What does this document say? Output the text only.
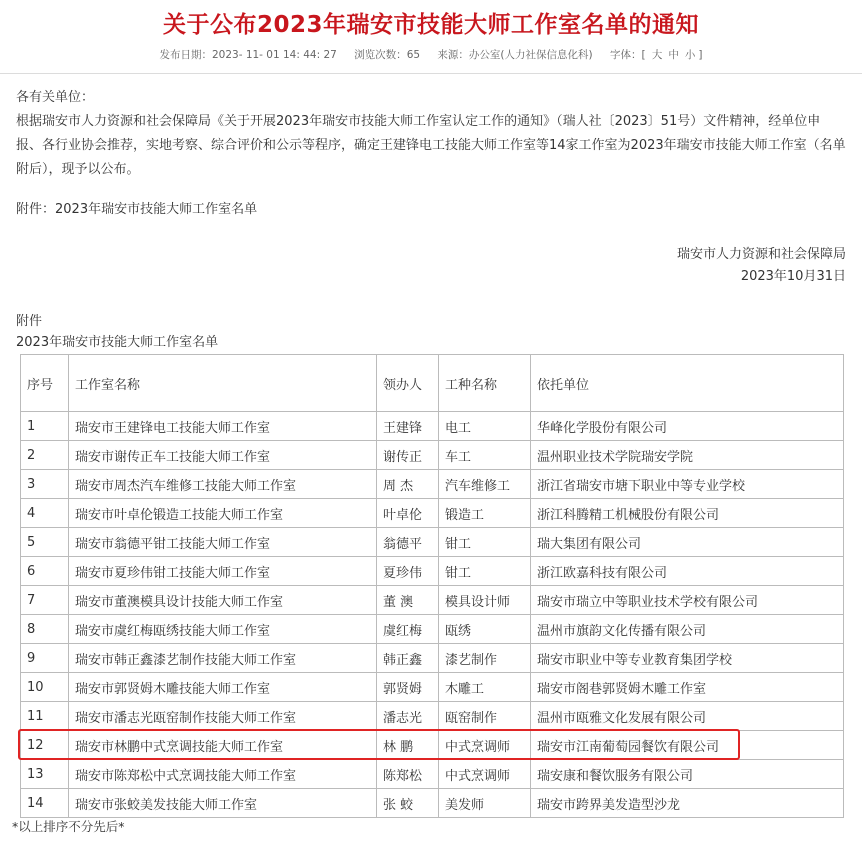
关于公布2023年瑞安市技能大师工作室名单的通知
发布日期：2023- 11- 01 14: 44: 27 浏览次数：65 来源：办公室(人力社保信息化科) 字体：[ 大 中 小 ]
各有关单位：
根据瑞安市人力资源和社会保障局《关于开展2023年瑞安市技能大师工作室认定工作的通知》（瑞人社〔2023〕51号）文件精神，经单位申报、各行业协会推荐，实地考察、综合评价和公示等程序，确定王建锋电工技能大师工作室等14家工作室为2023年瑞安市技能大师工作室（名单附后），现予以公布。
附件：2023年瑞安市技能大师工作室名单
瑞安市人力资源和社会保障局
2023年10月31日
附件
2023年瑞安市技能大师工作室名单
序号	工作室名称	领办人	工种名称	依托单位
1	瑞安市王建锋电工技能大师工作室	王建锋	电工	华峰化学股份有限公司
2	瑞安市谢传正车工技能大师工作室	谢传正	车工	温州职业技术学院瑞安学院
3	瑞安市周杰汽车维修工技能大师工作室	周 杰	汽车维修工	浙江省瑞安市塘下职业中等专业学校
4	瑞安市叶卓伦锻造工技能大师工作室	叶卓伦	锻造工	浙江科腾精工机械股份有限公司
5	瑞安市翁德平钳工技能大师工作室	翁德平	钳工	瑞大集团有限公司
6	瑞安市夏珍伟钳工技能大师工作室	夏珍伟	钳工	浙江欧嘉科技有限公司
7	瑞安市董澳模具设计技能大师工作室	董 澳	模具设计师	瑞安市瑞立中等职业技术学校有限公司
8	瑞安市虞红梅瓯绣技能大师工作室	虞红梅	瓯绣	温州市旗韵文化传播有限公司
9	瑞安市韩正鑫漆艺制作技能大师工作室	韩正鑫	漆艺制作	瑞安市职业中等专业教育集团学校
10	瑞安市郭贤姆木雕技能大师工作室	郭贤姆	木雕工	瑞安市阁巷郭贤姆木雕工作室
11	瑞安市潘志光瓯窑制作技能大师工作室	潘志光	瓯窑制作	温州市瓯雅文化发展有限公司
12	瑞安市林鹏中式烹调技能大师工作室	林 鹏	中式烹调师	瑞安市江南葡萄园餐饮有限公司
13	瑞安市陈郑松中式烹调技能大师工作室	陈郑松	中式烹调师	瑞安康和餐饮服务有限公司
14	瑞安市张蛟美发技能大师工作室	张 蛟	美发师	瑞安市跨界美发造型沙龙
*以上排序不分先后*
